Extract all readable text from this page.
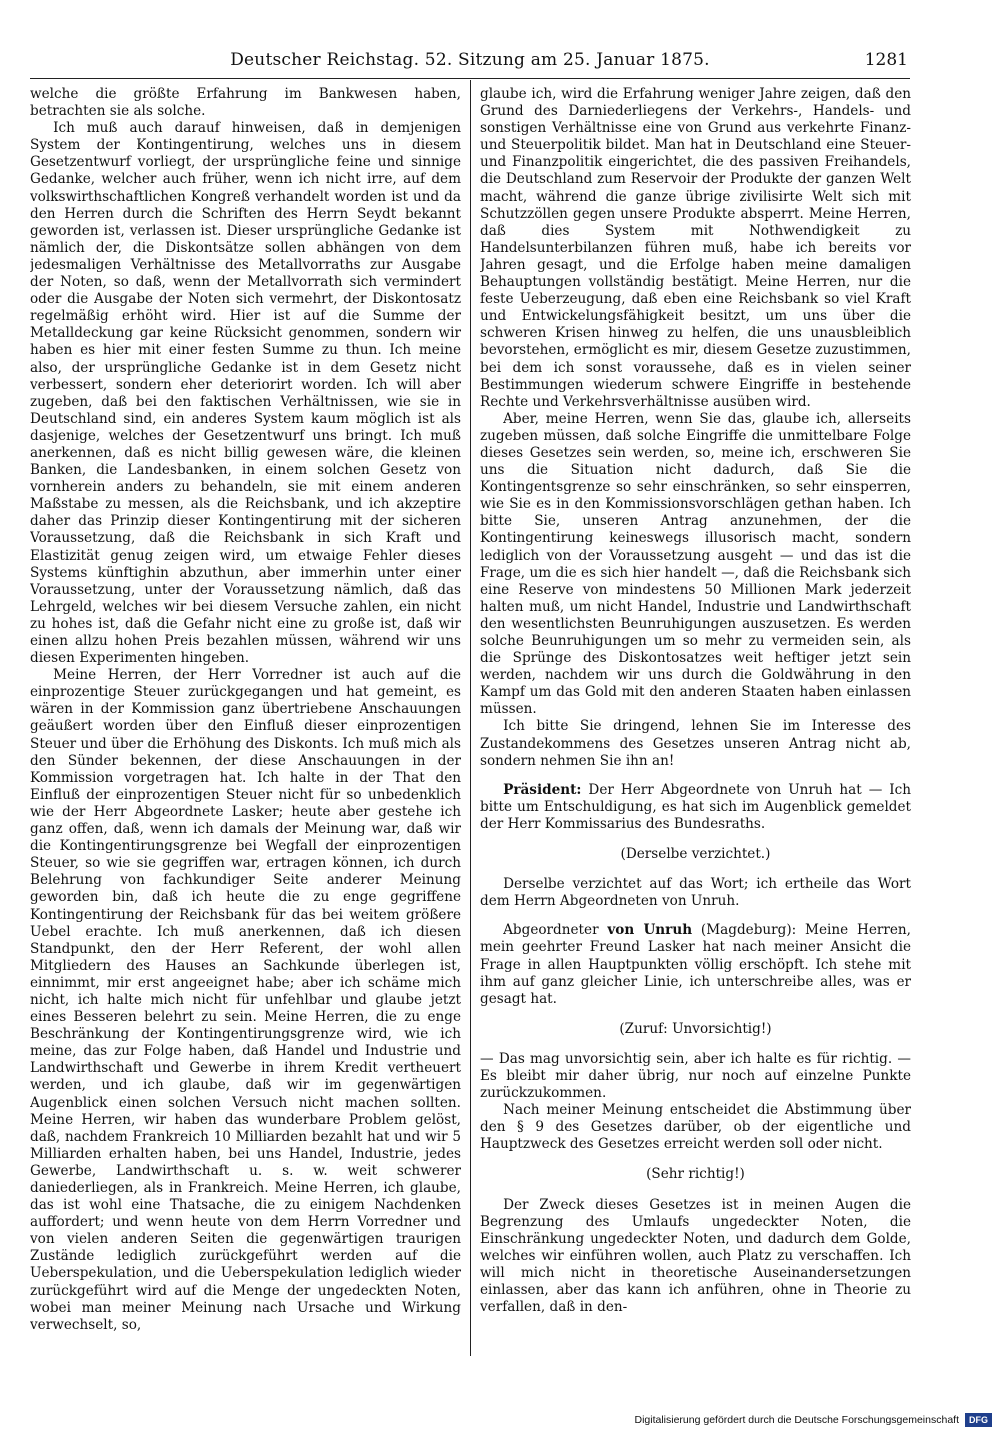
Deutscher Reichstag. 52. Sitzung am 25. Januar 1875.	1281

welche die größte Erfahrung im Bankwesen haben, betrachten sie als solche.

Ich muß auch darauf hinweisen, daß in demjenigen System der Kontingentirung, welches uns in diesem Gesetzentwurf vorliegt, der ursprüngliche feine und sinnige Gedanke, welcher auch früher, wenn ich nicht irre, auf dem volkswirthschaftlichen Kongreß verhandelt worden ist und da den Herren durch die Schriften des Herrn Seydt bekannt geworden ist, verlassen ist. Dieser ursprüngliche Gedanke ist nämlich der, die Diskontsätze sollen abhängen von dem jedesmaligen Verhältnisse des Metallvorraths zur Ausgabe der Noten, so daß, wenn der Metallvorrath sich vermindert oder die Ausgabe der Noten sich vermehrt, der Diskontosatz regelmäßig erhöht wird. Hier ist auf die Summe der Metalldeckung gar keine Rücksicht genommen, sondern wir haben es hier mit einer festen Summe zu thun. Ich meine also, der ursprüngliche Gedanke ist in dem Gesetz nicht verbessert, sondern eher deteriorirt worden. Ich will aber zugeben, daß bei den faktischen Verhältnissen, wie sie in Deutschland sind, ein anderes System kaum möglich ist als dasjenige, welches der Gesetzentwurf uns bringt. Ich muß anerkennen, daß es nicht billig gewesen wäre, die kleinen Banken, die Landesbanken, in einem solchen Gesetz von vornherein anders zu behandeln, sie mit einem anderen Maßstabe zu messen, als die Reichsbank, und ich akzeptire daher das Prinzip dieser Kontingentirung mit der sicheren Voraussetzung, daß die Reichsbank in sich Kraft und Elastizität genug zeigen wird, um etwaige Fehler dieses Systems künftighin abzuthun, aber immerhin unter einer Voraussetzung, unter der Voraussetzung nämlich, daß das Lehrgeld, welches wir bei diesem Versuche zahlen, ein nicht zu hohes ist, daß die Gefahr nicht eine zu große ist, daß wir einen allzu hohen Preis bezahlen müssen, während wir uns diesen Experimenten hingeben.

Meine Herren, der Herr Vorredner ist auch auf die einprozentige Steuer zurückgegangen und hat gemeint, es wären in der Kommission ganz übertriebene Anschauungen geäußert worden über den Einfluß dieser einprozentigen Steuer und über die Erhöhung des Diskonts. Ich muß mich als den Sünder bekennen, der diese Anschauungen in der Kommission vorgetragen hat. Ich halte in der That den Einfluß der einprozentigen Steuer nicht für so unbedenklich wie der Herr Abgeordnete Lasker; heute aber gestehe ich ganz offen, daß, wenn ich damals der Meinung war, daß wir die Kontingentirungsgrenze bei Wegfall der einprozentigen Steuer, so wie sie gegriffen war, ertragen können, ich durch Belehrung von fachkundiger Seite anderer Meinung geworden bin, daß ich heute die zu enge gegriffene Kontingentirung der Reichsbank für das bei weitem größere Uebel erachte. Ich muß anerkennen, daß ich diesen Standpunkt, den der Herr Referent, der wohl allen Mitgliedern des Hauses an Sachkunde überlegen ist, einnimmt, mir erst angeeignet habe; aber ich schäme mich nicht, ich halte mich nicht für unfehlbar und glaube jetzt eines Besseren belehrt zu sein. Meine Herren, die zu enge Beschränkung der Kontingentirungsgrenze wird, wie ich meine, das zur Folge haben, daß Handel und Industrie und Landwirthschaft und Gewerbe in ihrem Kredit vertheuert werden, und ich glaube, daß wir im gegenwärtigen Augenblick einen solchen Versuch nicht machen sollten. Meine Herren, wir haben das wunderbare Problem gelöst, daß, nachdem Frankreich 10 Milliarden bezahlt hat und wir 5 Milliarden erhalten haben, bei uns Handel, Industrie, jedes Gewerbe, Landwirthschaft u. s. w. weit schwerer daniederliegen, als in Frankreich. Meine Herren, ich glaube, das ist wohl eine Thatsache, die zu einigem Nachdenken auffordert; und wenn heute von dem Herrn Vorredner und von vielen anderen Seiten die gegenwärtigen traurigen Zustände lediglich zurückgeführt werden auf die Ueberspekulation, und die Ueberspekulation lediglich wieder zurückgeführt wird auf die Menge der ungedeckten Noten, wobei man meiner Meinung nach Ursache und Wirkung verwechselt, so,

glaube ich, wird die Erfahrung weniger Jahre zeigen, daß den Grund des Darniederliegens der Verkehrs-, Handels- und sonstigen Verhältnisse eine von Grund aus verkehrte Finanz- und Steuerpolitik bildet. Man hat in Deutschland eine Steuer- und Finanzpolitik eingerichtet, die des passiven Freihandels, die Deutschland zum Reservoir der Produkte der ganzen Welt macht, während die ganze übrige zivilisirte Welt sich mit Schutzzöllen gegen unsere Produkte absperrt. Meine Herren, daß dies System mit Nothwendigkeit zu Handelsunterbilanzen führen muß, habe ich bereits vor Jahren gesagt, und die Erfolge haben meine damaligen Behauptungen vollständig bestätigt. Meine Herren, nur die feste Ueberzeugung, daß eben eine Reichsbank so viel Kraft und Entwickelungsfähigkeit besitzt, um uns über die schweren Krisen hinweg zu helfen, die uns unausbleiblich bevorstehen, ermöglicht es mir, diesem Gesetze zuzustimmen, bei dem ich sonst voraussehe, daß es in vielen seiner Bestimmungen wiederum schwere Eingriffe in bestehende Rechte und Verkehrsverhältnisse ausüben wird.

Aber, meine Herren, wenn Sie das, glaube ich, allerseits zugeben müssen, daß solche Eingriffe die unmittelbare Folge dieses Gesetzes sein werden, so, meine ich, erschweren Sie uns die Situation nicht dadurch, daß Sie die Kontingentsgrenze so sehr einschränken, so sehr einsperren, wie Sie es in den Kommissionsvorschlägen gethan haben. Ich bitte Sie, unseren Antrag anzunehmen, der die Kontingentirung keineswegs illusorisch macht, sondern lediglich von der Voraussetzung ausgeht — und das ist die Frage, um die es sich hier handelt —, daß die Reichsbank sich eine Reserve von mindestens 50 Millionen Mark jederzeit halten muß, um nicht Handel, Industrie und Landwirthschaft den wesentlichsten Beunruhigungen auszusetzen. Es werden solche Beunruhigungen um so mehr zu vermeiden sein, als die Sprünge des Diskontosatzes weit heftiger jetzt sein werden, nachdem wir uns durch die Goldwährung in den Kampf um das Gold mit den anderen Staaten haben einlassen müssen.

Ich bitte Sie dringend, lehnen Sie im Interesse des Zustandekommens des Gesetzes unseren Antrag nicht ab, sondern nehmen Sie ihn an!

Präsident: Der Herr Abgeordnete von Unruh hat — Ich bitte um Entschuldigung, es hat sich im Augenblick gemeldet der Herr Kommissarius des Bundesraths.

(Derselbe verzichtet.)

Derselbe verzichtet auf das Wort; ich ertheile das Wort dem Herrn Abgeordneten von Unruh.

Abgeordneter von Unruh (Magdeburg): Meine Herren, mein geehrter Freund Lasker hat nach meiner Ansicht die Frage in allen Hauptpunkten völlig erschöpft. Ich stehe mit ihm auf ganz gleicher Linie, ich unterschreibe alles, was er gesagt hat.

(Zuruf: Unvorsichtig!)

— Das mag unvorsichtig sein, aber ich halte es für richtig. — Es bleibt mir daher übrig, nur noch auf einzelne Punkte zurückzukommen.

Nach meiner Meinung entscheidet die Abstimmung über den § 9 des Gesetzes darüber, ob der eigentliche und Hauptzweck des Gesetzes erreicht werden soll oder nicht.

(Sehr richtig!)

Der Zweck dieses Gesetzes ist in meinen Augen die Begrenzung des Umlaufs ungedeckter Noten, die Einschränkung ungedeckter Noten, und dadurch dem Golde, welches wir einführen wollen, auch Platz zu verschaffen. Ich will mich nicht in theoretische Auseinandersetzungen einlassen, aber das kann ich anführen, ohne in Theorie zu verfallen, daß in den-

Digitalisierung gefördert durch die Deutsche Forschungsgemeinschaft	DFG
